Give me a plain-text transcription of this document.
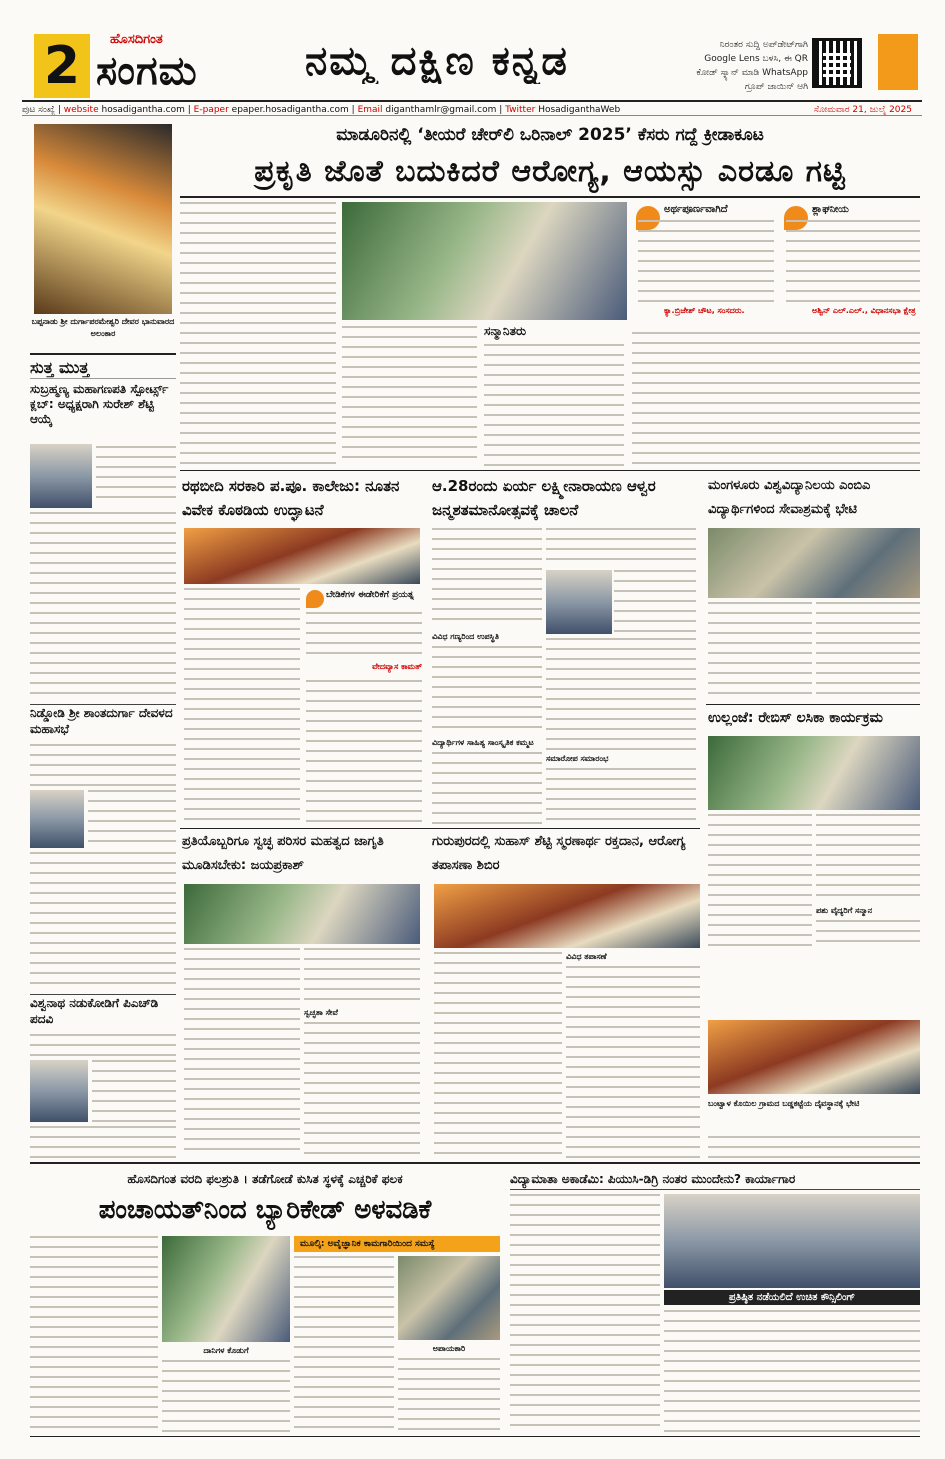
2	ಹೊಸದಿಗಂತ
ಸಂಗಮ	ನಮ್ಮ ದಕ್ಷಿಣ ಕನ್ನಡ	ನಿರಂತರ ಸುದ್ದಿ ಅಪ್‌ಡೇಟ್‌ಗಾಗಿ Google Lens ಬಳಸಿ, ಈ QR ಕೋಡ್ ಸ್ಕ್ಯಾನ್ ಮಾಡಿ WhatsApp ಗ್ರೂಪ್ ಜಾಯಿನ್ ಆಗಿ
ಪುಟ ಸಂಖ್ಯೆ | website hosadigantha.com | E-paper epaper.hosadigantha.com | Email diganthamlr@gmail.com | Twitter HosadiganthaWeb	ಸೋಮವಾರ 21, ಜುಲೈ 2025
ಬಪ್ಪನಾಡು ಶ್ರೀ ದುರ್ಗಾಪರಮೇಶ್ವರಿ ದೇವರ ಭಾನುವಾರದ ಅಲಂಕಾರ
ಸುತ್ತ ಮುತ್ತ
ಸುಬ್ರಹ್ಮಣ್ಯ ಮಹಾಗಣಪತಿ ಸ್ಪೋರ್ಟ್ಸ್ ಕ್ಲಬ್: ಅಧ್ಯಕ್ಷರಾಗಿ ಸುರೇಶ್ ಶೆಟ್ಟಿ ಆಯ್ಕೆ
ನಿಡ್ಡೋಡಿ ಶ್ರೀ ಶಾಂತದುರ್ಗಾ ದೇವಳದ ಮಹಾಸಭೆ
ವಿಶ್ವನಾಥ ನಡುಕೋಡಿಗೆ ಪಿಎಚ್‌ಡಿ ಪದವಿ
ಮಾಡೂರಿನಲ್ಲಿ ‘ತೀಯರೆ ಚೇರ್‌ಲಿ ಒರಿನಾಲ್ 2025’ ಕೆಸರು ಗದ್ದೆ ಕ್ರೀಡಾಕೂಟ
ಪ್ರಕೃತಿ ಜೊತೆ ಬದುಕಿದರೆ ಆರೋಗ್ಯ, ಆಯಸ್ಸು ಎರಡೂ ಗಟ್ಟಿ
ಸನ್ಮಾನಿತರು
ಅರ್ಥಪೂರ್ಣವಾಗಿದೆ
ಕ್ಯಾ.ಬ್ರಿಜೇಶ್ ಚೌಟ, ಸಂಸದರು.
ಶ್ಲಾಘನೀಯ
ಅಶ್ವಿನ್ ಎಲ್.ಎಲ್., ವಿಧಾನಸಭಾ ಕ್ಷೇತ್ರ
ರಥಬೀದಿ ಸರಕಾರಿ ಪ.ಪೂ. ಕಾಲೇಜು: ನೂತನ ವಿವೇಕ ಕೊಠಡಿಯ ಉದ್ಘಾಟನೆ
ಬೇಡಿಕೆಗಳ ಈಡೇರಿಕೆಗೆ ಪ್ರಯತ್ನ
ವೇದವ್ಯಾಸ ಕಾಮತ್
ಆ.28ರಂದು ಏರ್ಯ ಲಕ್ಷ್ಮೀನಾರಾಯಣ ಆಳ್ವರ ಜನ್ಮಶತಮಾನೋತ್ಸವಕ್ಕೆ ಚಾಲನೆ
ವಿವಿಧ ಗಣ್ಯರಿಂದ ಉಪಸ್ಥಿತಿ
ವಿದ್ಯಾರ್ಥಿಗಳ ಸಾಹಿತ್ಯ ಸಾಂಸ್ಕೃತಿಕ ಕಮ್ಮಟ
ಸಮಾರೋಪ ಸಮಾರಂಭ
ಮಂಗಳೂರು ವಿಶ್ವವಿದ್ಯಾನಿಲಯ ಎಂಬಿಎ ವಿದ್ಯಾರ್ಥಿಗಳಿಂದ ಸೇವಾಶ್ರಮಕ್ಕೆ ಭೇಟಿ
ಉಲ್ಲಂಜೆ: ರೇಬಿಸ್ ಲಸಿಕಾ ಕಾರ್ಯಕ್ರಮ
ಪಶು ವೈದ್ಯರಿಗೆ ಸನ್ಮಾನ
ಬಂಟ್ವಾಳ ಕೊಯಿಲ ಗ್ರಾಮದ ಬಡ್ಡಕಟ್ಟೆಯ ದೈವಸ್ಥಾನಕ್ಕೆ ಭೇಟಿ
ಪ್ರತಿಯೊಬ್ಬರಿಗೂ ಸ್ವಚ್ಛ ಪರಿಸರ ಮಹತ್ವದ ಜಾಗೃತಿ ಮೂಡಿಸಬೇಕು: ಜಯಪ್ರಕಾಶ್
ಸ್ವಚ್ಛತಾ ಸೇವೆ
ಗುರುಪುರದಲ್ಲಿ ಸುಹಾಸ್ ಶೆಟ್ಟಿ ಸ್ಮರಣಾರ್ಥ ರಕ್ತದಾನ, ಆರೋಗ್ಯ ತಪಾಸಣಾ ಶಿಬಿರ
ವಿವಿಧ ತಪಾಸಣೆ
ಹೊಸದಿಗಂತ ವರದಿ ಫಲಶ್ರುತಿ । ತಡೆಗೋಡೆ ಕುಸಿತ ಸ್ಥಳಕ್ಕೆ ಎಚ್ಚರಿಕೆ ಫಲಕ
ಪಂಚಾಯತ್‌ನಿಂದ ಬ್ಯಾರಿಕೇಡ್ ಅಳವಡಿಕೆ
ದಾನಿಗಳ ಕೊಡುಗೆ
ಮೂಲ್ಕಿ: ಅವೈಜ್ಞಾನಿಕ ಕಾಮಗಾರಿಯಿಂದ ಸಮಸ್ಯೆ
ಅಪಾಯಕಾರಿ
ವಿದ್ಯಾಮಾತಾ ಅಕಾಡೆಮಿ: ಪಿಯುಸಿ-ಡಿಗ್ರಿ ನಂತರ ಮುಂದೇನು? ಕಾರ್ಯಾಗಾರ
ಪ್ರತಿಷ್ಠಿತ ನಡೆಯಲಿದೆ ಉಚಿತ ಕೌನ್ಸಿಲಿಂಗ್
